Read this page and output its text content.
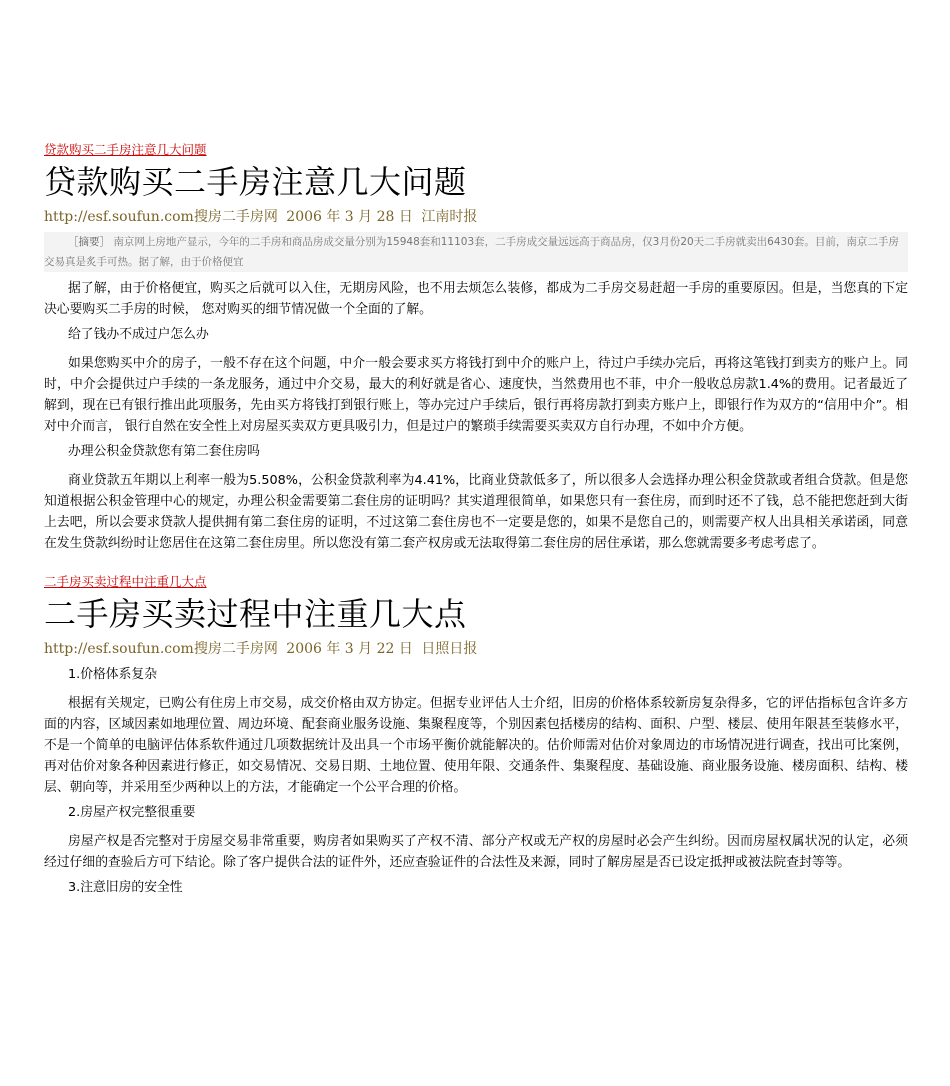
贷款购买二手房注意几大问题
贷款购买二手房注意几大问题
http://esf.soufun.com搜房二手房网 2006 年 3 月 28 日 江南时报
［摘要］ 南京网上房地产显示，今年的二手房和商品房成交量分别为15948套和11103套，二手房成交量远远高于商品房，仅3月份20天二手房就卖出6430套。目前，南京二手房交易真是炙手可热。据了解，由于价格便宜

据了解，由于价格便宜，购买之后就可以入住，无期房风险，也不用去烦怎么装修，都成为二手房交易赶超一手房的重要原因。但是，当您真的下定决心要购买二手房的时候， 您对购买的细节情况做一个全面的了解。

给了钱办不成过户怎么办

如果您购买中介的房子，一般不存在这个问题，中介一般会要求买方将钱打到中介的账户上，待过户手续办完后，再将这笔钱打到卖方的账户上。同时，中介会提供过户手续的一条龙服务，通过中介交易，最大的利好就是省心、速度快，当然费用也不菲，中介一般收总房款1.4%的费用。记者最近了解到，现在已有银行推出此项服务，先由买方将钱打到银行账上，等办完过户手续后，银行再将房款打到卖方账户上，即银行作为双方的“信用中介”。相对中介而言， 银行自然在安全性上对房屋买卖双方更具吸引力，但是过户的繁琐手续需要买卖双方自行办理，不如中介方便。

办理公积金贷款您有第二套住房吗

商业贷款五年期以上利率一般为5.508%，公积金贷款利率为4.41%，比商业贷款低多了，所以很多人会选择办理公积金贷款或者组合贷款。但是您知道根据公积金管理中心的规定，办理公积金需要第二套住房的证明吗？其实道理很简单，如果您只有一套住房，而到时还不了钱，总不能把您赶到大街上去吧，所以会要求贷款人提供拥有第二套住房的证明，不过这第二套住房也不一定要是您的，如果不是您自己的，则需要产权人出具相关承诺函，同意在发生贷款纠纷时让您居住在这第二套住房里。所以您没有第二套产权房或无法取得第二套住房的居住承诺，那么您就需要多考虑考虑了。

二手房买卖过程中注重几大点
二手房买卖过程中注重几大点
http://esf.soufun.com搜房二手房网 2006 年 3 月 22 日 日照日报

1.价格体系复杂

根据有关规定，已购公有住房上市交易，成交价格由双方协定。但据专业评估人士介绍，旧房的价格体系较新房复杂得多，它的评估指标包含许多方面的内容，区域因素如地理位置、周边环境、配套商业服务设施、集聚程度等，个别因素包括楼房的结构、面积、户型、楼层、使用年限甚至装修水平，不是一个简单的电脑评估体系软件通过几项数据统计及出具一个市场平衡价就能解决的。估价师需对估价对象周边的市场情况进行调查，找出可比案例，再对估价对象各种因素进行修正，如交易情况、交易日期、土地位置、使用年限、交通条件、集聚程度、基础设施、商业服务设施、楼房面积、结构、楼层、朝向等，并采用至少两种以上的方法，才能确定一个公平合理的价格。

2.房屋产权完整很重要

房屋产权是否完整对于房屋交易非常重要，购房者如果购买了产权不清、部分产权或无产权的房屋时必会产生纠纷。因而房屋权属状况的认定，必须经过仔细的查验后方可下结论。除了客户提供合法的证件外，还应查验证件的合法性及来源，同时了解房屋是否已设定抵押或被法院查封等等。

3.注意旧房的安全性
